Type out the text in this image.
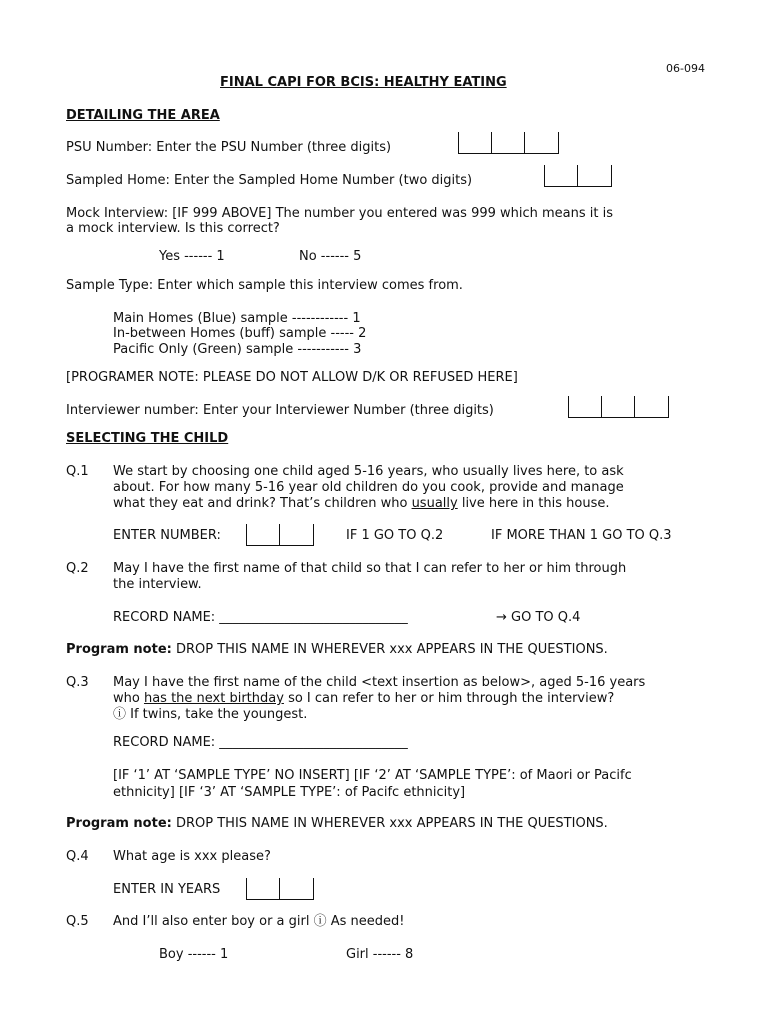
06-094
FINAL CAPI FOR BCIS: HEALTHY EATING
DETAILING THE AREA
PSU Number: Enter the PSU Number (three digits)
Sampled Home: Enter the Sampled Home Number (two digits)
Mock Interview: [IF 999 ABOVE] The number you entered was 999 which means it is
a mock interview. Is this correct?
Yes ------ 1	No ------ 5
Sample Type: Enter which sample this interview comes from.
Main Homes (Blue) sample ------------ 1
In-between Homes (buff) sample ----- 2
Pacific Only (Green) sample ----------- 3
[PROGRAMER NOTE: PLEASE DO NOT ALLOW D/K OR REFUSED HERE]
Interviewer number: Enter your Interviewer Number (three digits)
SELECTING THE CHILD
Q.1 We start by choosing one child aged 5-16 years, who usually lives here, to ask
about. For how many 5-16 year old children do you cook, provide and manage
what they eat and drink? That’s children who usually live here in this house.
ENTER NUMBER:	IF 1 GO TO Q.2	IF MORE THAN 1 GO TO Q.3
Q.2 May I have the first name of that child so that I can refer to her or him through
the interview.
RECORD NAME: _____________________________	→ GO TO Q.4
Program note: DROP THIS NAME IN WHEREVER xxx APPEARS IN THE QUESTIONS.
Q.3 May I have the first name of the child <text insertion as below>, aged 5-16 years
who has the next birthday so I can refer to her or him through the interview?
ⓘ If twins, take the youngest.
RECORD NAME: _____________________________
[IF ‘1’ AT ‘SAMPLE TYPE’ NO INSERT] [IF ‘2’ AT ‘SAMPLE TYPE’: of Maori or Pacifc
ethnicity] [IF ‘3’ AT ‘SAMPLE TYPE’: of Pacifc ethnicity]
Program note: DROP THIS NAME IN WHEREVER xxx APPEARS IN THE QUESTIONS.
Q.4 What age is xxx please?
ENTER IN YEARS
Q.5 And I’ll also enter boy or a girl ⓘ As needed!
Boy ------ 1	Girl ------ 8
